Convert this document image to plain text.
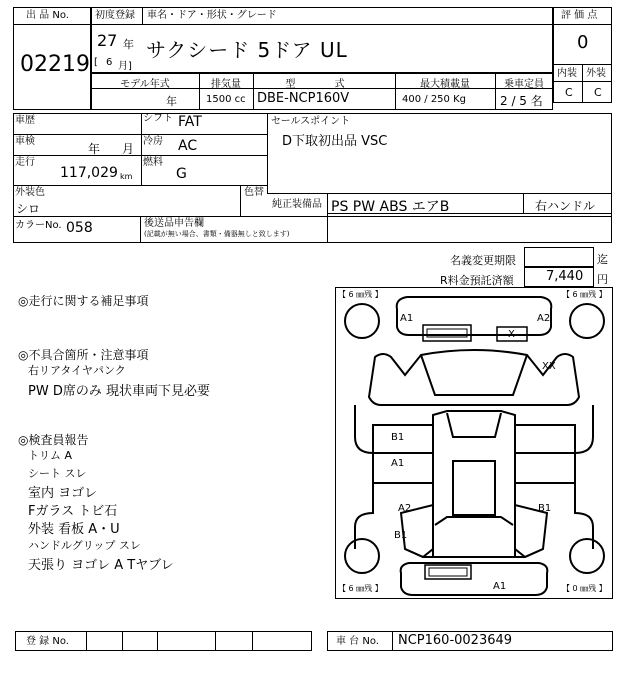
出 品 No.
02219
初度登録 車名・ドア・形状・グレード
27 年
[ 6 月]
サクシード 5ドア UL
評 価 点
0
内装 外装
C C
モデル年式	排気量	型 式	最大積載量	乗車定員
年	1500 cc DBE-NCP160V	400 / 250 Kg	2 / 5 名
車歴
車検
年 月
走行
117,029 km
シフト FAT
冷房 AC
燃料
G
セールスポイント
D下取初出品 VSC
外装色
シロ
色替
純正装備品 PS PW ABS エアB	右ハンドル
カラーNo. 058	後送品申告欄
(記載が無い場合、書類・備器無しと致します)
名義変更期限	迄
R料金預託済額 7,440 円
◎走行に関する補足事項
◎不具合箇所・注意事項
右リアタイヤパンク
PW D席のみ 現状車両下見必要
◎検査員報告
トリム A
シート スレ
室内 ヨゴレ
Fガラス トビ石
外装 看板 A・U
ハンドルグリップ スレ
天張り ヨゴレ A Tヤブレ
【 6 ㎜残 】	【 6 ㎜残 】
【 6 ㎜残 】	【 0 ㎜残 】
A1	A2
X
XX
B1
A1
A2
B1
B1
A1
登 録 No.	車 台 No. NCP160-0023649
